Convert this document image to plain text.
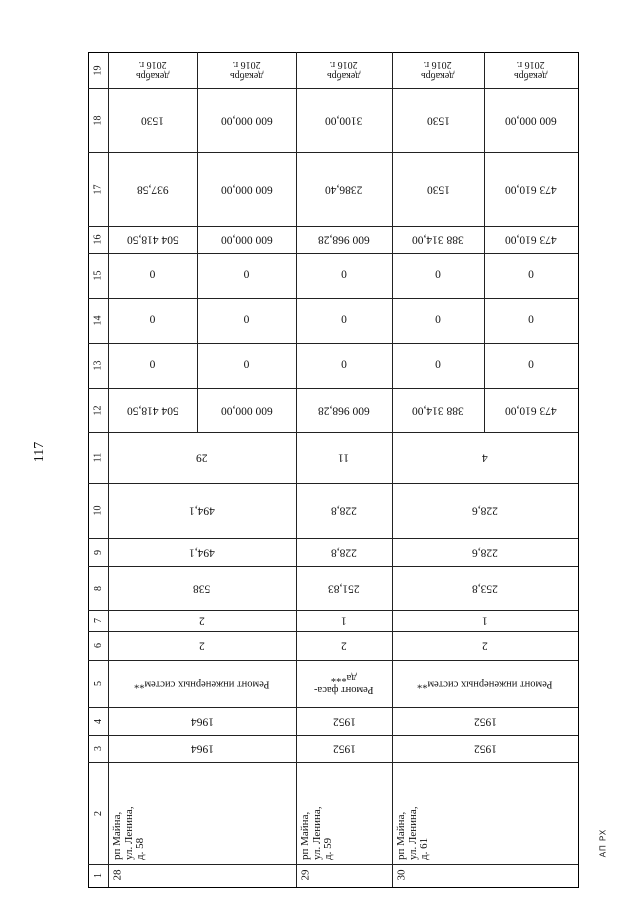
117
АП РХ
1
2
3
4
5
6
7
8
9
10
11
12
13
14
15
16
17
18
19
28
рп Майна,
ул. Ленина,
д. 58
1964
1964
Ремонт инженерных систем**
2
2
538
494,1
494,1
29
504 418,50
0
0
0
504 418,50
937,58
1530
декабрь
2016 г.
600 000,00
0
0
0
600 000,00
600 000,00
600 000,00
декабрь
2016 г.
29
рп Майна,
ул. Ленина,
д. 59
1952
1952
Ремонт фаса-
да***
2
1
251,83
228,8
228,8
11
600 968,28
0
0
0
600 968,28
2386,40
3100,00
декабрь
2016 г.
30
рп Майна,
ул. Ленина,
д. 61
1952
1952
Ремонт инженерных систем**
2
1
253,8
228,6
228,6
4
388 314,00
0
0
0
388 314,00
1530
1530
декабрь
2016 г.
473 610,00
0
0
0
473 610,00
473 610,00
600 000,00
декабрь
2016 г.
